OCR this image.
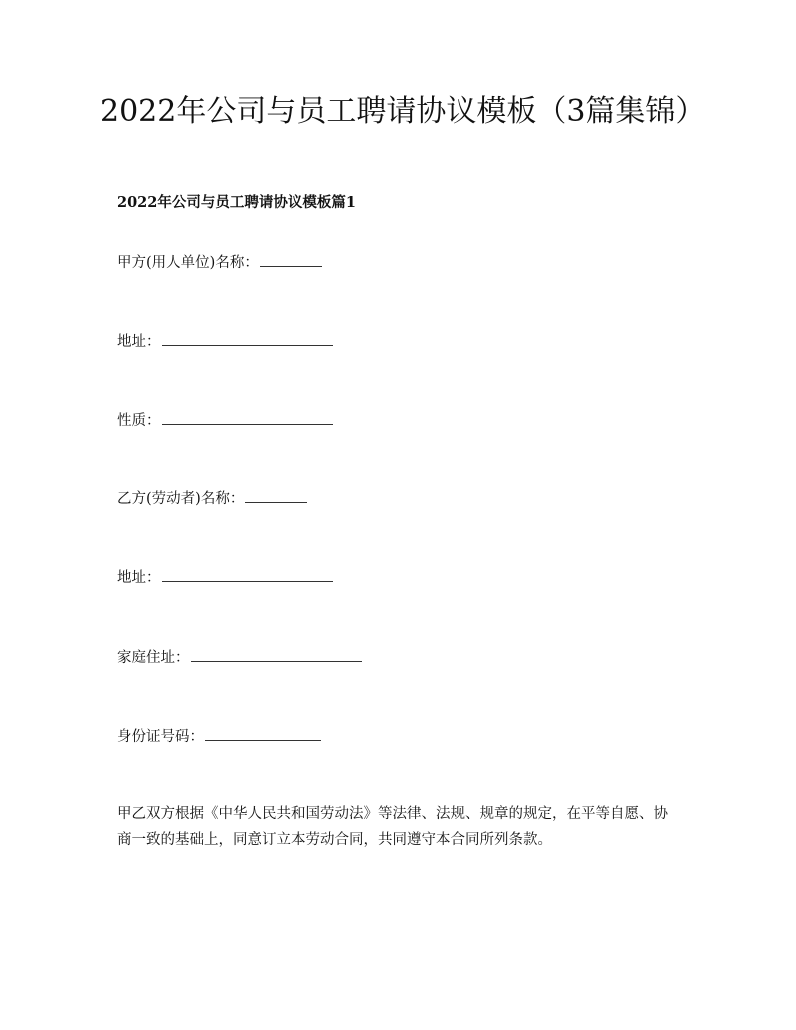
2022年公司与员工聘请协议模板（3篇集锦）
2022年公司与员工聘请协议模板篇1
甲方(用人单位)名称：
地址：
性质：
乙方(劳动者)名称：
地址：
家庭住址：
身份证号码：

甲乙双方根据《中华人民共和国劳动法》等法律、法规、规章的规定，在平等自愿、协商一致的基础上，同意订立本劳动合同，共同遵守本合同所列条款。
